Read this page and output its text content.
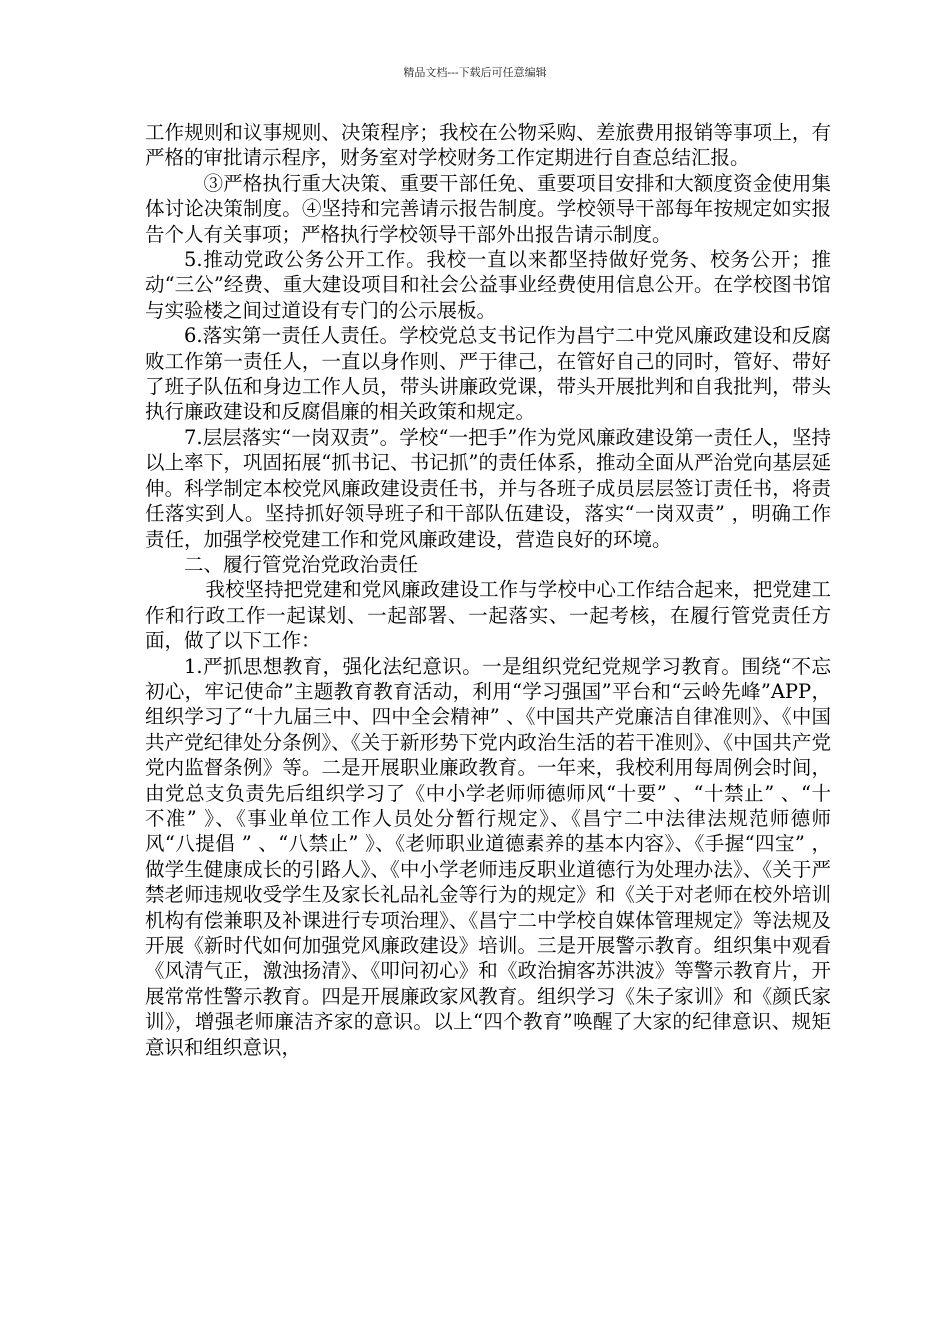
精品文档---下载后可任意编辑

工作规则和议事规则、决策程序；我校在公物采购、差旅费用报销等事项上，有严格的审批请示程序，财务室对学校财务工作定期进行自查总结汇报。

③严格执行重大决策、重要干部任免、重要项目安排和大额度资金使用集体讨论决策制度。④坚持和完善请示报告制度。学校领导干部每年按规定如实报告个人有关事项；严格执行学校领导干部外出报告请示制度。

5.推动党政公务公开工作。我校一直以来都坚持做好党务、校务公开；推动“三公”经费、重大建设项目和社会公益事业经费使用信息公开。在学校图书馆与实验楼之间过道设有专门的公示展板。

6.落实第一责任人责任。学校党总支书记作为昌宁二中党风廉政建设和反腐败工作第一责任人，一直以身作则、严于律己，在管好自己的同时，管好、带好了班子队伍和身边工作人员，带头讲廉政党课，带头开展批判和自我批判，带头执行廉政建设和反腐倡廉的相关政策和规定。

7.层层落实“一岗双责”。学校“一把手”作为党风廉政建设第一责任人，坚持以上率下，巩固拓展“抓书记、书记抓”的责任体系，推动全面从严治党向基层延伸。科学制定本校党风廉政建设责任书，并与各班子成员层层签订责任书，将责任落实到人。坚持抓好领导班子和干部队伍建设，落实“一岗双责” ，明确工作责任，加强学校党建工作和党风廉政建设，营造良好的环境。

二、履行管党治党政治责任

我校坚持把党建和党风廉政建设工作与学校中心工作结合起来，把党建工作和行政工作一起谋划、一起部署、一起落实、一起考核，在履行管党责任方面，做了以下工作：

1.严抓思想教育，强化法纪意识。一是组织党纪党规学习教育。围绕“不忘初心，牢记使命”主题教育教育活动，利用“学习强国”平台和“云岭先峰”APP，组织学习了“十九届三中、四中全会精神” 、《中国共产党廉洁自律准则》、《中国共产党纪律处分条例》、《关于新形势下党内政治生活的若干准则》、《中国共产党党内监督条例》等。二是开展职业廉政教育。一年来，我校利用每周例会时间，由党总支负责先后组织学习了《中小学老师师德师风“十要” 、“十禁止” 、“十不准” 》、《事业单位工作人员处分暂行规定》、《昌宁二中法律法规范师德师风“八提倡 ” 、“八禁止” 》、《老师职业道德素养的基本内容》、《手握“四宝” ，做学生健康成长的引路人》、《中小学老师违反职业道德行为处理办法》、《关于严禁老师违规收受学生及家长礼品礼金等行为的规定》和《关于对老师在校外培训机构有偿兼职及补课进行专项治理》、《昌宁二中学校自媒体管理规定》等法规及开展《新时代如何加强党风廉政建设》培训。三是开展警示教育。组织集中观看《风清气正，激浊扬清》、《叩问初心》和《政治掮客苏洪波》等警示教育片，开展常常性警示教育。四是开展廉政家风教育。组织学习《朱子家训》和《颜氏家训》，增强老师廉洁齐家的意识。以上“四个教育”唤醒了大家的纪律意识、规矩意识和组织意识，
